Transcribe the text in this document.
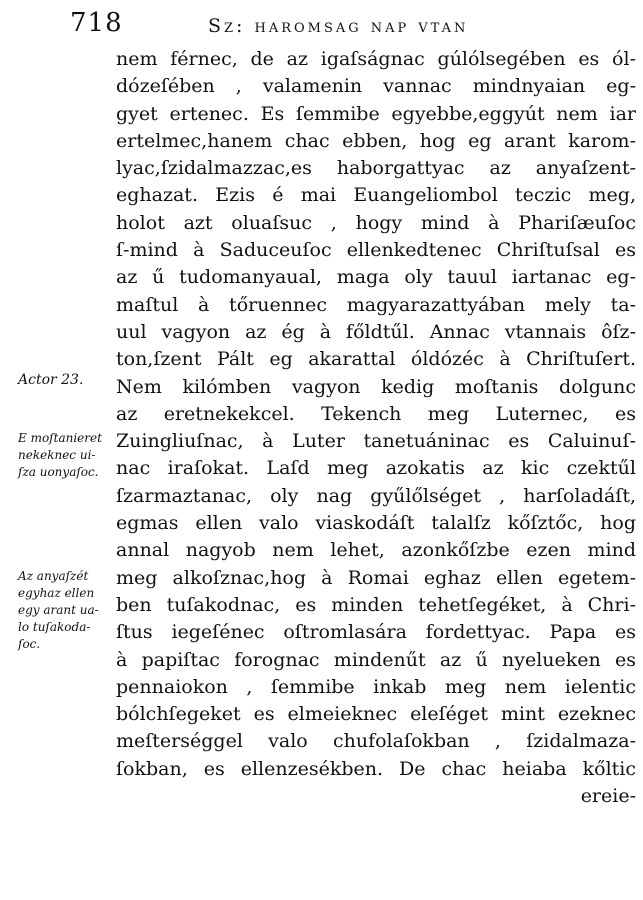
718	Sz: haromsag nap vtan
Actor 23.
E moſtanieret
nekeknec ui-
ſza uonyaſoc.
Az anyaſzét
egyhaz ellen
egy arant ua-
lo tuſakoda-
ſoc.
nem férnec, de az igaſságnac gúlólsegében es ól-
dózeſében , valamenin vannac mindnyaian eg-
gyet ertenec. Es ſemmibe egyebbe,eggyút nem iar
ertelmec,hanem chac ebben, hog eg arant karom-
lyac,ſzidalmazzac,es haborgattyac az anyaſzent-
eghazat. Ezis é mai Euangeliombol teczic meg,
holot azt oluaſsuc , hogy mind à Phariſæuſoc
ſ-mind à Saduceuſoc ellenkedtenec Chriſtuſsal es
az ű tudomanyaual, maga oly tauul iartanac eg-
maſtul à tőruennec magyarazattyában mely ta-
uul vagyon az ég à főldtűl. Annac vtannais ôſz-
ton,ſzent Pált eg akarattal óldózéc à Chriſtuſert.
Nem kilómben vagyon kedig moſtanis dolgunc
az eretnekekcel. Tekench meg Luternec, es
Zuingliuſnac, à Luter tanetuáninac es Caluinuſ-
nac iraſokat. Laſd meg azokatis az kic czektűl
ſzarmaztanac, oly nag gyűlőlséget , harſoladáſt,
egmas ellen valo viaskodáſt talalſz kőſztőc, hog
annal nagyob nem lehet, azonkőſzbe ezen mind
meg alkoſznac,hog à Romai eghaz ellen egetem-
ben tuſakodnac, es minden tehetſegéket, à Chri-
ſtus iegeſénec oſtromlasára fordettyac. Papa es
à papiſtac forognac mindenűt az ű nyelueken es
pennaiokon , ſemmibe inkab meg nem ielentic
bólchſegeket es elmeieknec eleſéget mint ezeknec
meſterséggel valo chufolaſokban , ſzidalmaza-
ſokban, es ellenzesékben. De chac heiaba kőltic
ereie-
